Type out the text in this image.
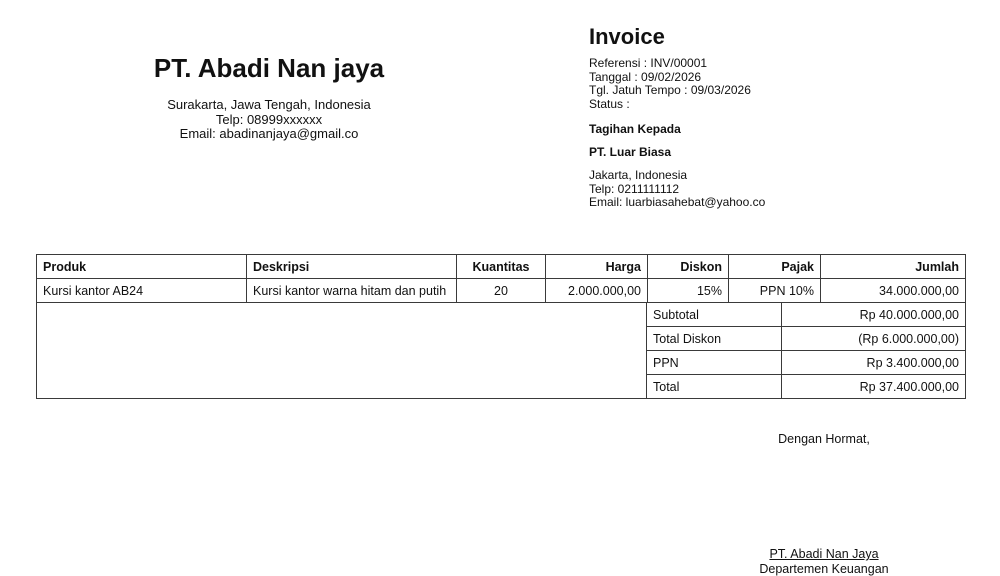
PT. Abadi Nan jaya
Surakarta, Jawa Tengah, Indonesia
Telp: 08999xxxxxx
Email: abadinanjaya@gmail.co
Invoice
Referensi : INV/00001
Tanggal : 09/02/2026
Tgl. Jatuh Tempo : 09/03/2026
Status :
Tagihan Kepada
PT. Luar Biasa
Jakarta, Indonesia
Telp: 0211111112
Email: luarbiasahebat@yahoo.co
Produk	Deskripsi	Kuantitas	Harga	Diskon	Pajak	Jumlah
Kursi kantor AB24	Kursi kantor warna hitam dan putih	20	2.000.000,00	15%	PPN 10%	34.000.000,00
Subtotal	Rp 40.000.000,00
Total Diskon	(Rp 6.000.000,00)
PPN	Rp 3.400.000,00
Total	Rp 37.400.000,00
Dengan Hormat,
PT. Abadi Nan Jaya
Departemen Keuangan
